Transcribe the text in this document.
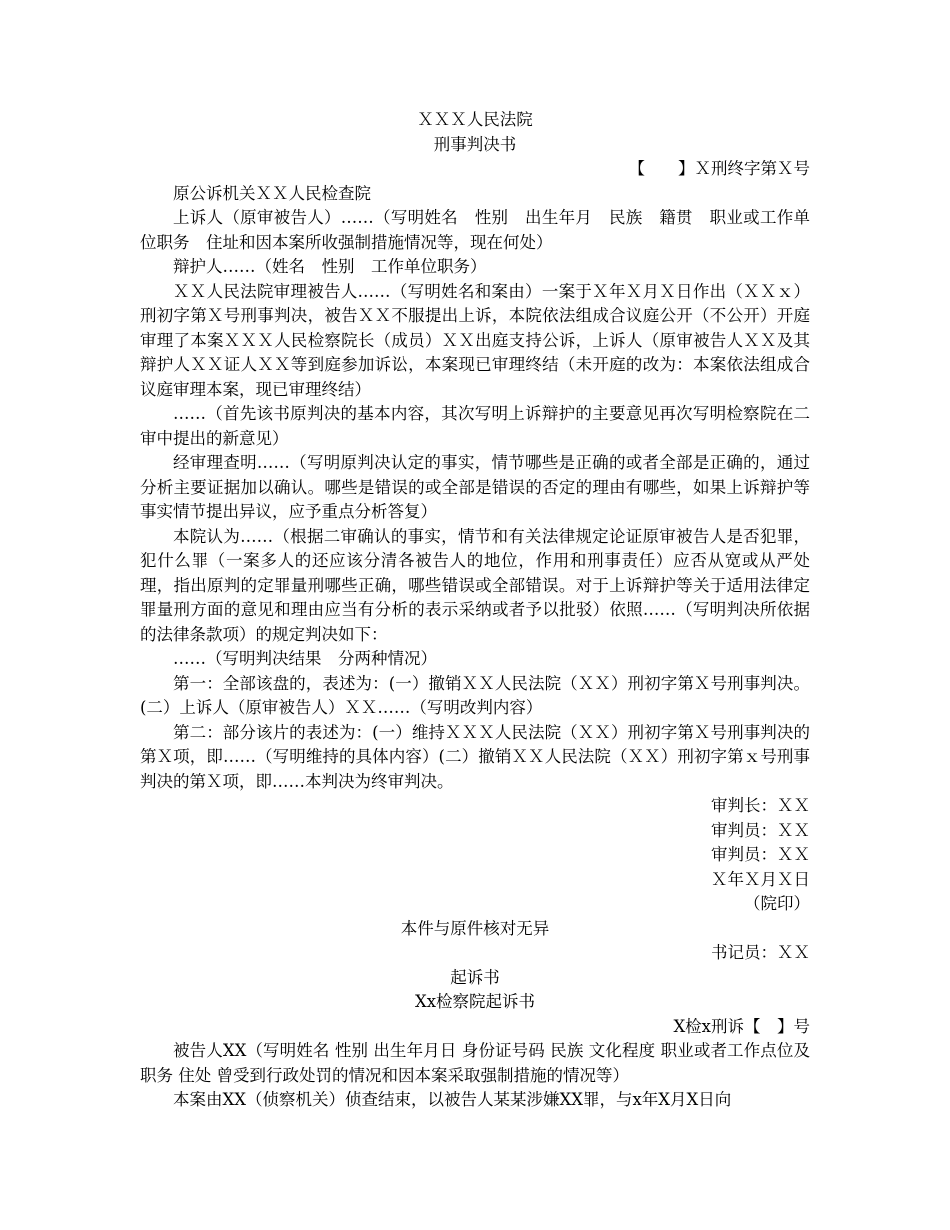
ＸＸＸ人民法院

刑事判决书

【　　】Ｘ刑终字第Ｘ号

原公诉机关ＸＸ人民检查院

上诉人（原审被告人）……（写明姓名　性别　出生年月　民族　籍贯　职业或工作单位职务　住址和因本案所收强制措施情况等，现在何处）

辩护人……（姓名　性别　工作单位职务）

ＸＸ人民法院审理被告人……（写明姓名和案由）一案于Ｘ年Ｘ月Ｘ日作出（ＸＸｘ）刑初字第Ｘ号刑事判决，被告ＸＸ不服提出上诉，本院依法组成合议庭公开（不公开）开庭审理了本案ＸＸＸ人民检察院长（成员）ＸＸ出庭支持公诉，上诉人（原审被告人ＸＸ及其辩护人ＸＸ证人ＸＸ等到庭参加诉讼，本案现已审理终结（未开庭的改为：本案依法组成合议庭审理本案，现已审理终结）

……（首先该书原判决的基本内容，其次写明上诉辩护的主要意见再次写明检察院在二审中提出的新意见）

经审理查明……（写明原判决认定的事实，情节哪些是正确的或者全部是正确的，通过分析主要证据加以确认。哪些是错误的或全部是错误的否定的理由有哪些，如果上诉辩护等事实情节提出异议，应予重点分析答复）

本院认为……（根据二审确认的事实，情节和有关法律规定论证原审被告人是否犯罪，犯什么罪（一案多人的还应该分清各被告人的地位，作用和刑事责任）应否从宽或从严处理，指出原判的定罪量刑哪些正确，哪些错误或全部错误。对于上诉辩护等关于适用法律定罪量刑方面的意见和理由应当有分析的表示采纳或者予以批驳）依照……（写明判决所依据的法律条款项）的规定判决如下：

……（写明判决结果　分两种情况）

第一：全部该盘的，表述为：(一）撤销ＸＸ人民法院（ＸＸ）刑初字第Ｘ号刑事判决。(二）上诉人（原审被告人）ＸＸ……（写明改判内容）

第二：部分该片的表述为：(一）维持ＸＸＸ人民法院（ＸＸ）刑初字第Ｘ号刑事判决的第Ｘ项，即……（写明维持的具体内容）(二）撤销ＸＸ人民法院（ＸＸ）刑初字第ｘ号刑事判决的第Ｘ项，即……本判决为终审判决。

审判长：ＸＸ

审判员：ＸＸ

审判员：ＸＸ

Ｘ年Ｘ月Ｘ日

（院印）

本件与原件核对无异

书记员：ＸＸ

起诉书

Xx检察院起诉书

X检x刑诉【　】号

被告人XX（写明姓名 性别 出生年月日 身份证号码 民族 文化程度 职业或者工作点位及职务 住处 曾受到行政处罚的情况和因本案采取强制措施的情况等）

本案由XX（侦察机关）侦查结束，以被告人某某涉嫌XX罪，与x年X月X日向
